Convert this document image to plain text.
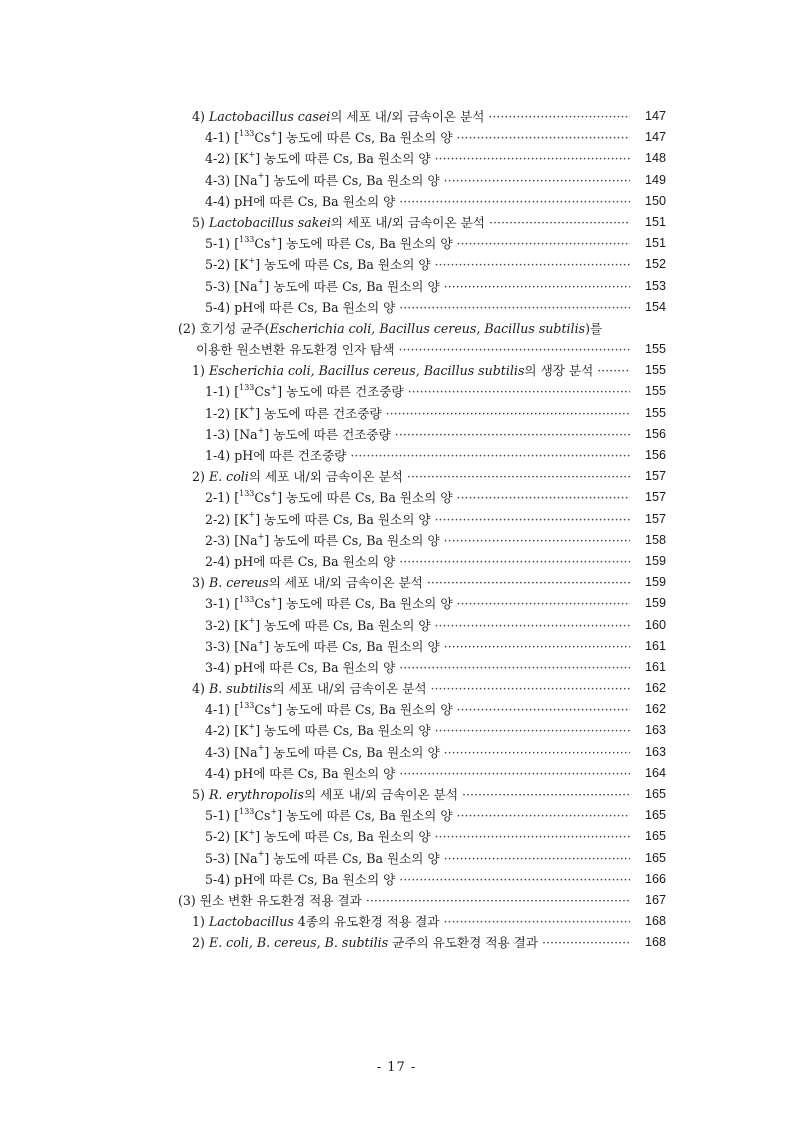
4) Lactobacillus casei의 세포 내/외 금속이온 분석 ·····	147
4-1) [$^{133}$Cs+] 농도에 따른 Cs, Ba 원소의 양 ·····	147
4-2) [K+] 농도에 따른 Cs, Ba 원소의 양 ·····	148
4-3) [Na+] 농도에 따른 Cs, Ba 원소의 양 ·····	149
4-4) pH에 따른 Cs, Ba 원소의 양 ·····	150
5) Lactobacillus sakei의 세포 내/외 금속이온 분석 ·····	151
5-1) [$^{133}$Cs+] 농도에 따른 Cs, Ba 원소의 양 ·····	151
5-2) [K+] 농도에 따른 Cs, Ba 원소의 양 ·····	152
5-3) [Na+] 농도에 따른 Cs, Ba 원소의 양 ·····	153
5-4) pH에 따른 Cs, Ba 원소의 양 ·····	154
(2) 호기성 균주(Escherichia coli, Bacillus cereus, Bacillus subtilis)를
이용한 원소변환 유도환경 인자 탐색 ·····	155
1) Escherichia coli, Bacillus cereus, Bacillus subtilis의 생장 분석 ·····	155
1-1) [$^{133}$Cs+] 농도에 따른 건조중량 ·····	155
1-2) [K+] 농도에 따른 건조중량 ·····	155
1-3) [Na+] 농도에 따른 건조중량 ·····	156
1-4) pH에 따른 건조중량 ·····	156
2) E. coli의 세포 내/외 금속이온 분석 ·····	157
2-1) [$^{133}$Cs+] 농도에 따른 Cs, Ba 원소의 양 ·····	157
2-2) [K+] 농도에 따른 Cs, Ba 원소의 양 ·····	157
2-3) [Na+] 농도에 따른 Cs, Ba 원소의 양 ·····	158
2-4) pH에 따른 Cs, Ba 원소의 양 ·····	159
3) B. cereus의 세포 내/외 금속이온 분석 ·····	159
3-1) [$^{133}$Cs+] 농도에 따른 Cs, Ba 원소의 양 ·····	159
3-2) [K+] 농도에 따른 Cs, Ba 원소의 양 ·····	160
3-3) [Na+] 농도에 따른 Cs, Ba 원소의 양 ·····	161
3-4) pH에 따른 Cs, Ba 원소의 양 ·····	161
4) B. subtilis의 세포 내/외 금속이온 분석 ·····	162
4-1) [$^{133}$Cs+] 농도에 따른 Cs, Ba 원소의 양 ·····	162
4-2) [K+] 농도에 따른 Cs, Ba 원소의 양 ·····	163
4-3) [Na+] 농도에 따른 Cs, Ba 원소의 양 ·····	163
4-4) pH에 따른 Cs, Ba 원소의 양 ·····	164
5) R. erythropolis의 세포 내/외 금속이온 분석 ·····	165
5-1) [$^{133}$Cs+] 농도에 따른 Cs, Ba 원소의 양 ·····	165
5-2) [K+] 농도에 따른 Cs, Ba 원소의 양 ·····	165
5-3) [Na+] 농도에 따른 Cs, Ba 원소의 양 ·····	165
5-4) pH에 따른 Cs, Ba 원소의 양 ·····	166
(3) 원소 변환 유도환경 적용 결과 ·····	167
1) Lactobacillus 4종의 유도환경 적용 결과 ·····	168
2) E. coli, B. cereus, B. subtilis 균주의 유도환경 적용 결과 ·····	168
- 17 -
